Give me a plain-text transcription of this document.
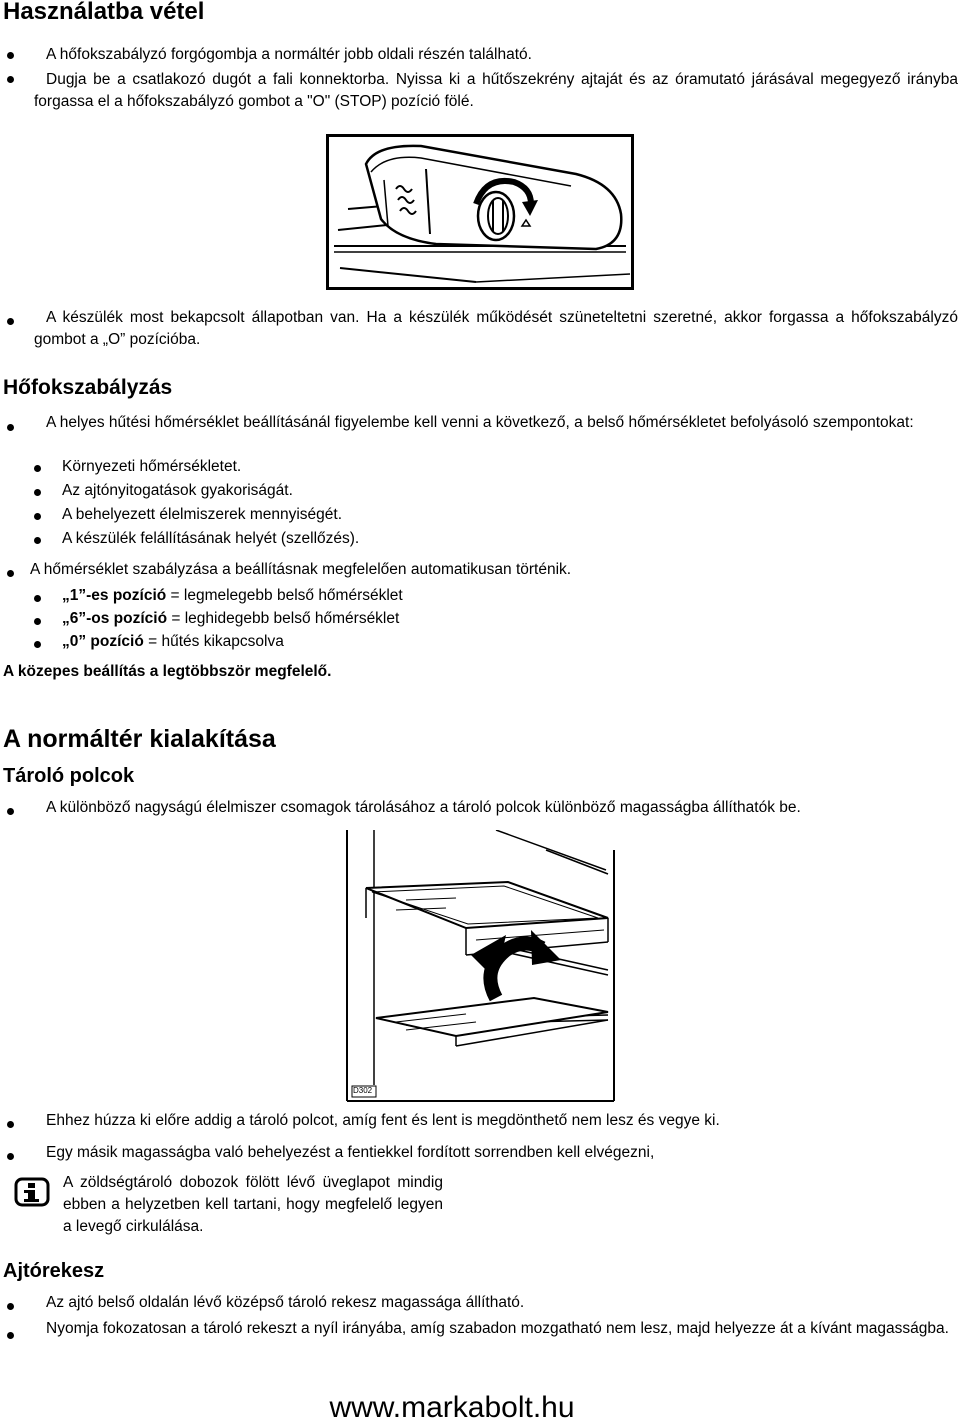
Használatba vétel
A hőfokszabályzó forgógombja a normáltér jobb oldali részén található.
Dugja be a csatlakozó dugót a fali konnektorba. Nyissa ki a hűtőszekrény ajtaját és az óramutató járásával megegyező irányba forgassa el a hőfokszabályzó gombot a "O" (STOP) pozíció fölé.
A készülék most bekapcsolt állapotban van. Ha a készülék működését szüneteltetni szeretné, akkor forgassa a hőfokszabályzó gombot a „O” pozícióba.
Hőfokszabályzás
A helyes hűtési hőmérséklet beállításánál figyelembe kell venni a következő, a belső hőmérsékletet befolyásoló szempontokat:
Környezeti hőmérsékletet.
Az ajtónyitogatások gyakoriságát.
A behelyezett élelmiszerek mennyiségét.
A készülék felállításának helyét (szellőzés).
A hőmérséklet szabályzása a beállításnak megfelelően automatikusan történik.
„1”-es pozíció = legmelegebb belső hőmérséklet
„6”-os pozíció = leghidegebb belső hőmérséklet
„0” pozíció = hűtés kikapcsolva
A közepes beállítás a legtöbbször megfelelő.
A normáltér kialakítása
Tároló polcok
A különböző nagyságú élelmiszer csomagok tárolásához a tároló polcok különböző magasságba állíthatók be.
D302
Ehhez húzza ki előre addig a tároló polcot, amíg fent és lent is megdönthető nem lesz és vegye ki.
Egy másik magasságba való behelyezést a fentiekkel fordított sorrendben kell elvégezni,
A zöldségtároló dobozok fölött lévő üveglapot mindig ebben a helyzetben kell tartani, hogy megfelelő legyen a levegő cirkulálása.
Ajtórekesz
Az ajtó belső oldalán lévő középső tároló rekesz magassága állítható.
Nyomja fokozatosan a tároló rekeszt a nyíl irányába, amíg szabadon mozgatható nem lesz, majd helyezze át a kívánt magasságba.
www.markabolt.hu
